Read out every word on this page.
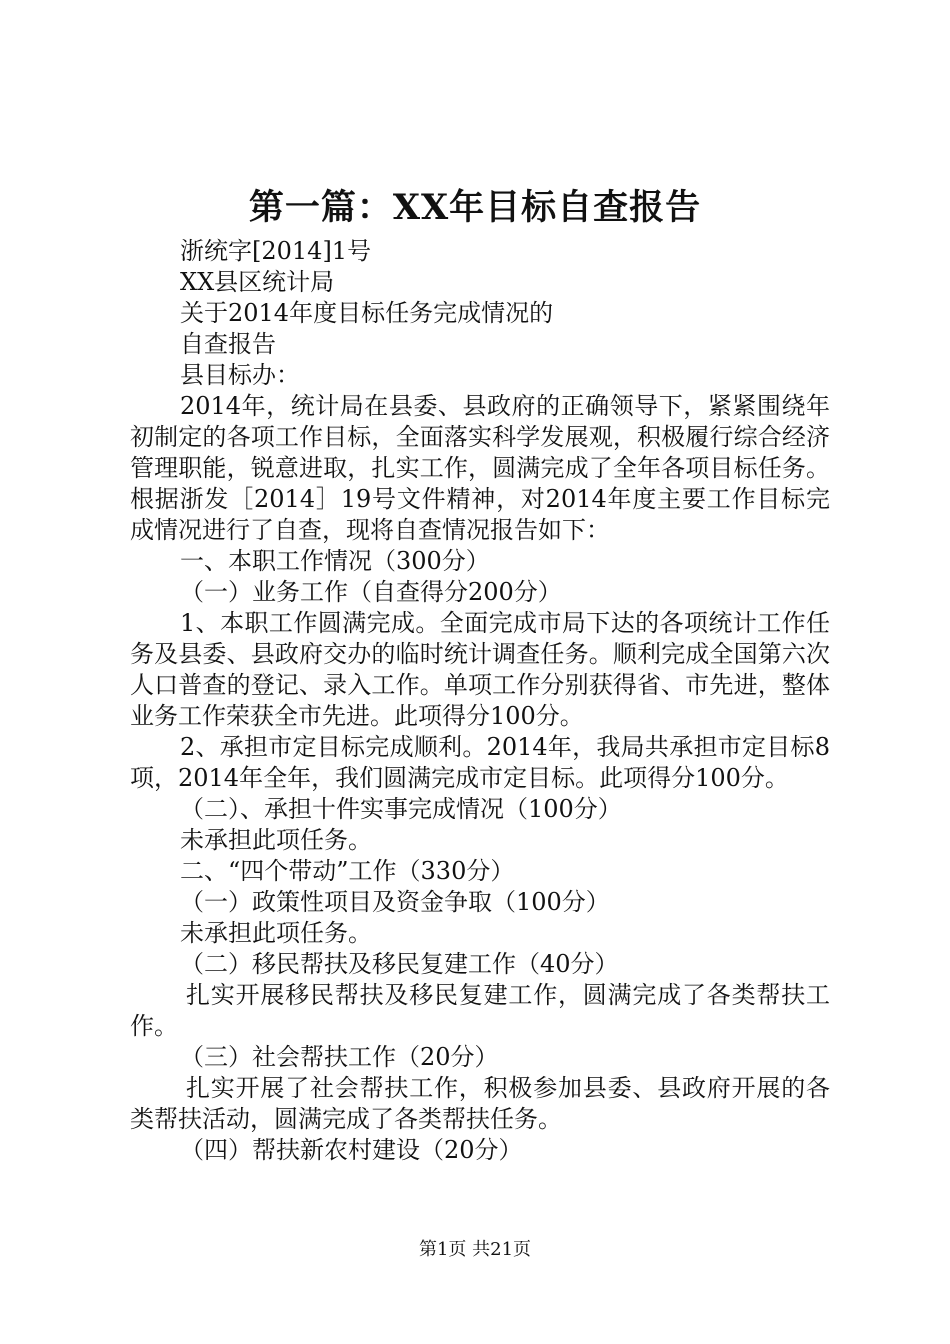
第一篇：XX年目标自查报告

浙统字[2014]1号

XX县区统计局

关于2014年度目标任务完成情况的

自查报告

县目标办：

2014年，统计局在县委、县政府的正确领导下，紧紧围绕年初制定的各项工作目标，全面落实科学发展观，积极履行综合经济管理职能，锐意进取，扎实工作，圆满完成了全年各项目标任务。根据浙发［2014］19号文件精神，对2014年度主要工作目标完成情况进行了自查，现将自查情况报告如下：

一、本职工作情况（300分）

（一）业务工作（自查得分200分）

1、本职工作圆满完成。全面完成市局下达的各项统计工作任务及县委、县政府交办的临时统计调查任务。顺利完成全国第六次人口普查的登记、录入工作。单项工作分别获得省、市先进，整体业务工作荣获全市先进。此项得分100分。

2、承担市定目标完成顺利。2014年，我局共承担市定目标8项，2014年全年，我们圆满完成市定目标。此项得分100分。

（二）、承担十件实事完成情况（100分）

未承担此项任务。

二、“四个带动”工作（330分）

（一）政策性项目及资金争取（100分）

未承担此项任务。

（二）移民帮扶及移民复建工作（40分）

扎实开展移民帮扶及移民复建工作，圆满完成了各类帮扶工作。

（三）社会帮扶工作（20分）

扎实开展了社会帮扶工作，积极参加县委、县政府开展的各类帮扶活动，圆满完成了各类帮扶任务。

（四）帮扶新农村建设（20分）

第1页 共21页
